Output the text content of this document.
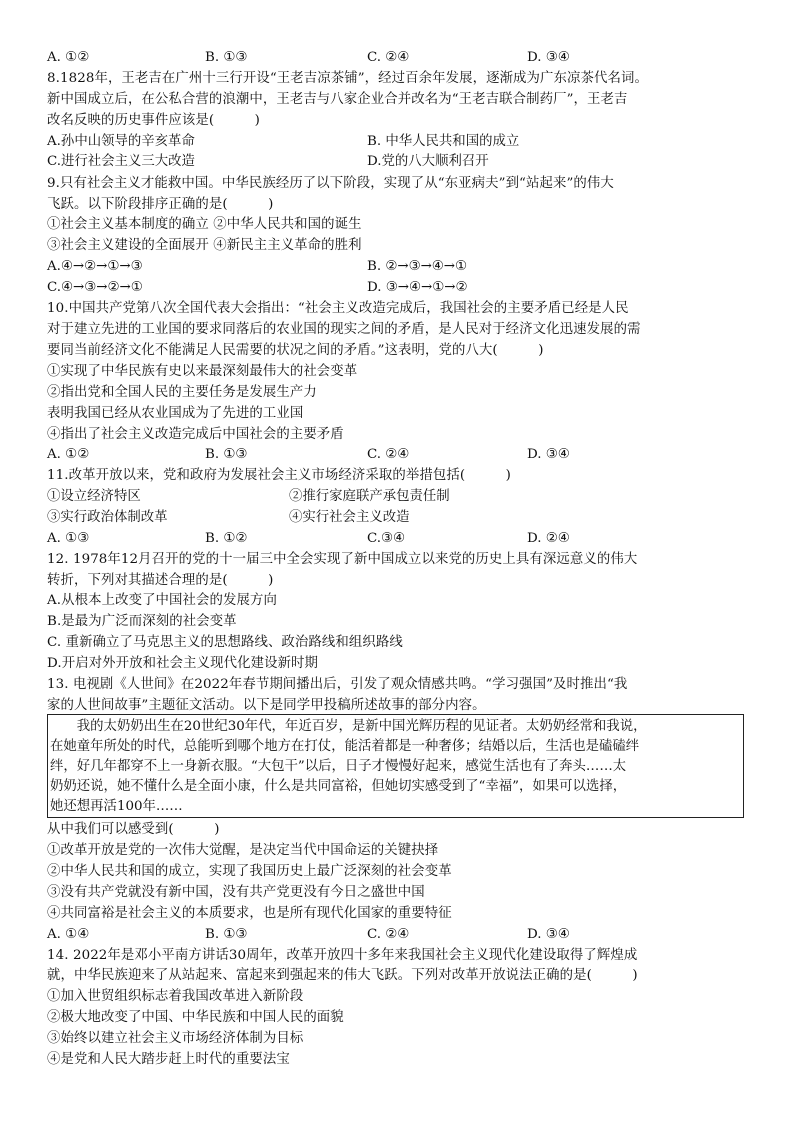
A. ①②	B. ①③	C. ②④	D. ③④
8.1828年，王老吉在广州十三行开设“王老吉凉茶铺”，经过百余年发展，逐渐成为广东凉茶代名词。
新中国成立后，在公私合营的浪潮中，王老吉与八家企业合并改名为“王老吉联合制药厂”，王老吉
改名反映的历史事件应该是(　　　)
A.孙中山领导的辛亥革命	B. 中华人民共和国的成立
C.进行社会主义三大改造	D.党的八大顺利召开
9.只有社会主义才能救中国。中华民族经历了以下阶段，实现了从“东亚病夫”到“站起来”的伟大
飞跃。以下阶段排序正确的是(　　　)
①社会主义基本制度的确立 ②中华人民共和国的诞生
③社会主义建设的全面展开 ④新民主主义革命的胜利
A.④→②→①→③	B. ②→③→④→①
C.④→③→②→①	D. ③→④→①→②
10.中国共产党第八次全国代表大会指出：“社会主义改造完成后，我国社会的主要矛盾已经是人民
对于建立先进的工业国的要求同落后的农业国的现实之间的矛盾，是人民对于经济文化迅速发展的需
要同当前经济文化不能满足人民需要的状况之间的矛盾。”这表明，党的八大(　　　)
①实现了中华民族有史以来最深刻最伟大的社会变革
②指出党和全国人民的主要任务是发展生产力
表明我国已经从农业国成为了先进的工业国
④指出了社会主义改造完成后中国社会的主要矛盾
A. ①②	B. ①③	C. ②④	D. ③④
11.改革开放以来，党和政府为发展社会主义市场经济采取的举措包括(　　　)
①设立经济特区	②推行家庭联产承包责任制
③实行政治体制改革	④实行社会主义改造
A. ①③	B. ①②	C.③④	D. ②④
12. 1978年12月召开的党的十一届三中全会实现了新中国成立以来党的历史上具有深远意义的伟大
转折，下列对其描述合理的是(　　　)
A.从根本上改变了中国社会的发展方向
B.是最为广泛而深刻的社会变革
C. 重新确立了马克思主义的思想路线、政治路线和组织路线
D.开启对外开放和社会主义现代化建设新时期
13. 电视剧《人世间》在2022年春节期间播出后，引发了观众情感共鸣。“学习强国”及时推出“我
家的人世间故事”主题征文活动。以下是同学甲投稿所述故事的部分内容。
　　我的太奶奶出生在20世纪30年代，年近百岁，是新中国光辉历程的见证者。太奶奶经常和我说，
在她童年所处的时代，总能听到哪个地方在打仗，能活着都是一种奢侈；结婚以后，生活也是磕磕绊
绊，好几年都穿不上一身新衣服。“大包干”以后，日子才慢慢好起来，感觉生活也有了奔头……太
奶奶还说，她不懂什么是全面小康，什么是共同富裕，但她切实感受到了“幸福”，如果可以选择，
她还想再活100年……
从中我们可以感受到(　　　)
①改革开放是党的一次伟大觉醒，是决定当代中国命运的关键抉择
②中华人民共和国的成立，实现了我国历史上最广泛深刻的社会变革
③没有共产党就没有新中国，没有共产党更没有今日之盛世中国
④共同富裕是社会主义的本质要求，也是所有现代化国家的重要特征
A. ①④	B. ①③	C. ②④	D. ③④
14. 2022年是邓小平南方讲话30周年，改革开放四十多年来我国社会主义现代化建设取得了辉煌成
就，中华民族迎来了从站起来、富起来到强起来的伟大飞跃。下列对改革开放说法正确的是(　　　)
①加入世贸组织标志着我国改革进入新阶段
②极大地改变了中国、中华民族和中国人民的面貌
③始终以建立社会主义市场经济体制为目标
④是党和人民大踏步赶上时代的重要法宝
